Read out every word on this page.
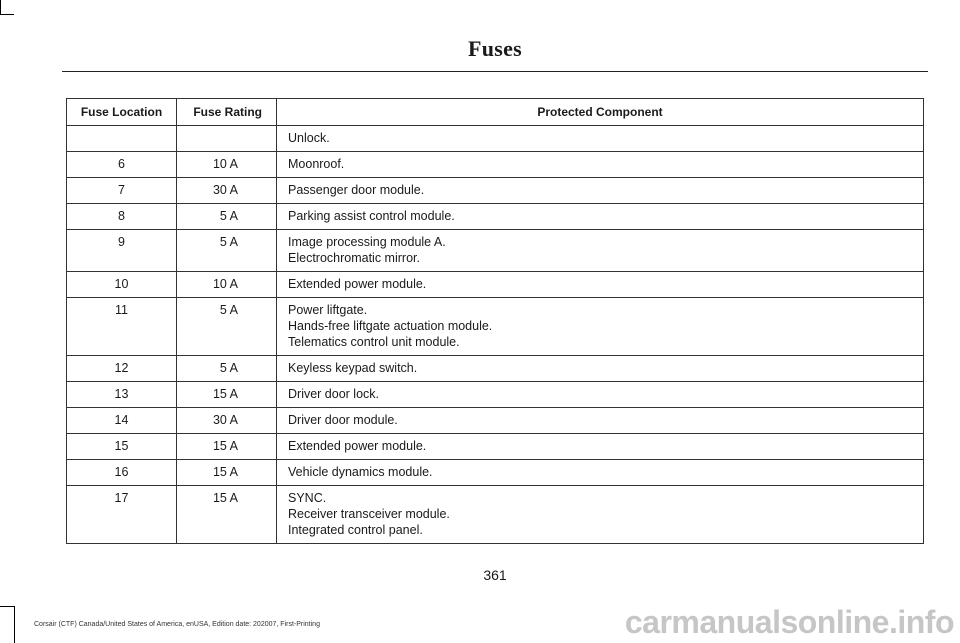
Fuses
Fuse Location	Fuse Rating	Protected Component

		Unlock.

6	10 A	Moonroof.

7	30 A	Passenger door module.

8	5 A	Parking assist control module.

9	5 A	Image processing module A.
Electrochromatic mirror.

10	10 A	Extended power module.

11	5 A	Power liftgate.
Hands-free liftgate actuation module.
Telematics control unit module.

12	5 A	Keyless keypad switch.

13	15 A	Driver door lock.

14	30 A	Driver door module.

15	15 A	Extended power module.

16	15 A	Vehicle dynamics module.

17	15 A	SYNC.
Receiver transceiver module.
Integrated control panel.
361
Corsair (CTF) Canada/United States of America, enUSA, Edition date: 202007, First-Printing	carmanualsonline.info
